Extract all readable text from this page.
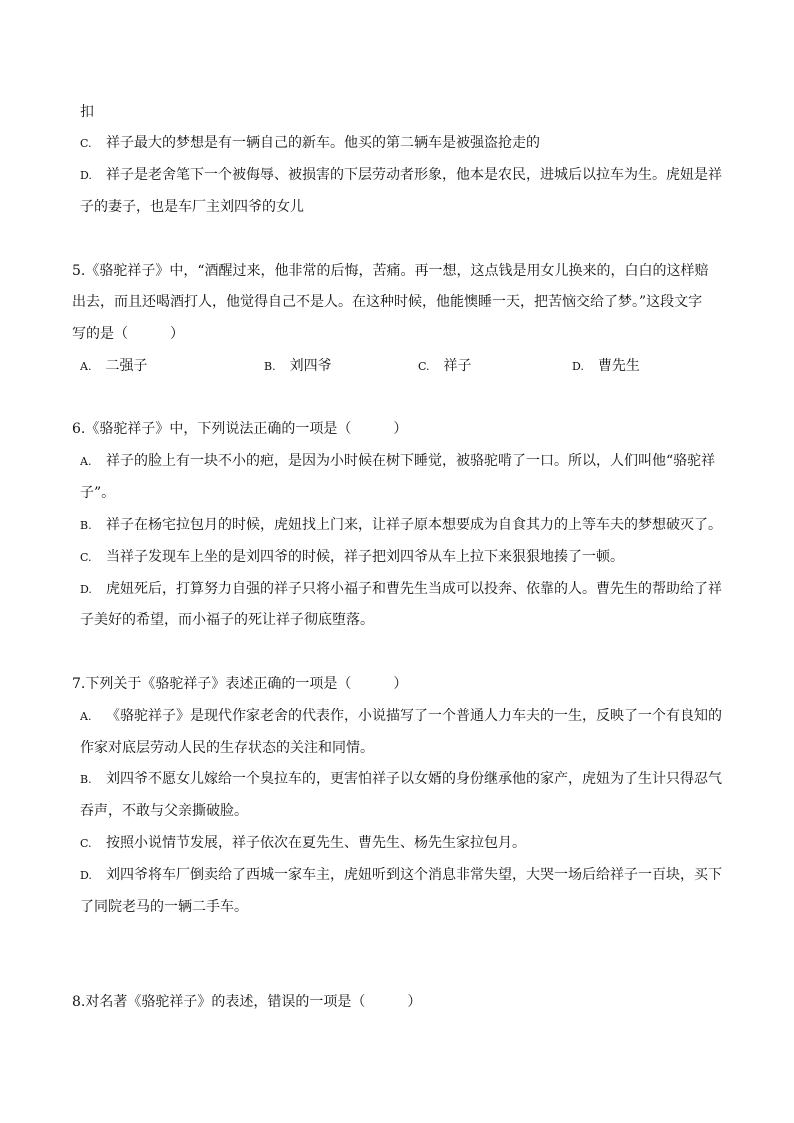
扣
C. 祥子最大的梦想是有一辆自己的新车。他买的第二辆车是被强盗抢走的
D. 祥子是老舍笔下一个被侮辱、被损害的下层劳动者形象，他本是农民，进城后以拉车为生。虎妞是祥
子的妻子，也是车厂主刘四爷的女儿
5.《骆驼祥子》中，“酒醒过来，他非常的后悔，苦痛。再一想，这点钱是用女儿换来的，白白的这样赔
出去，而且还喝酒打人，他觉得自己不是人。在这种时候，他能懊睡一天，把苦恼交给了梦。”这段文字
写的是（　　　）
A. 二强子	B. 刘四爷	C. 祥子	D. 曹先生
6.《骆驼祥子》中，下列说法正确的一项是（　　　）
A. 祥子的脸上有一块不小的疤，是因为小时候在树下睡觉，被骆驼啃了一口。所以，人们叫他“骆驼祥
子”。
B. 祥子在杨宅拉包月的时候，虎妞找上门来，让祥子原本想要成为自食其力的上等车夫的梦想破灭了。
C. 当祥子发现车上坐的是刘四爷的时候，祥子把刘四爷从车上拉下来狠狠地揍了一顿。
D. 虎妞死后，打算努力自强的祥子只将小福子和曹先生当成可以投奔、依靠的人。曹先生的帮助给了祥
子美好的希望，而小福子的死让祥子彻底堕落。
7.下列关于《骆驼祥子》表述正确的一项是（　　　）
A. 《骆驼祥子》是现代作家老舍的代表作，小说描写了一个普通人力车夫的一生，反映了一个有良知的
作家对底层劳动人民的生存状态的关注和同情。
B. 刘四爷不愿女儿嫁给一个臭拉车的，更害怕祥子以女婿的身份继承他的家产，虎妞为了生计只得忍气
吞声，不敢与父亲撕破脸。
C. 按照小说情节发展，祥子依次在夏先生、曹先生、杨先生家拉包月。
D. 刘四爷将车厂倒卖给了西城一家车主，虎妞听到这个消息非常失望，大哭一场后给祥子一百块，买下
了同院老马的一辆二手车。
8.对名著《骆驼祥子》的表述，错误的一项是（　　　）
